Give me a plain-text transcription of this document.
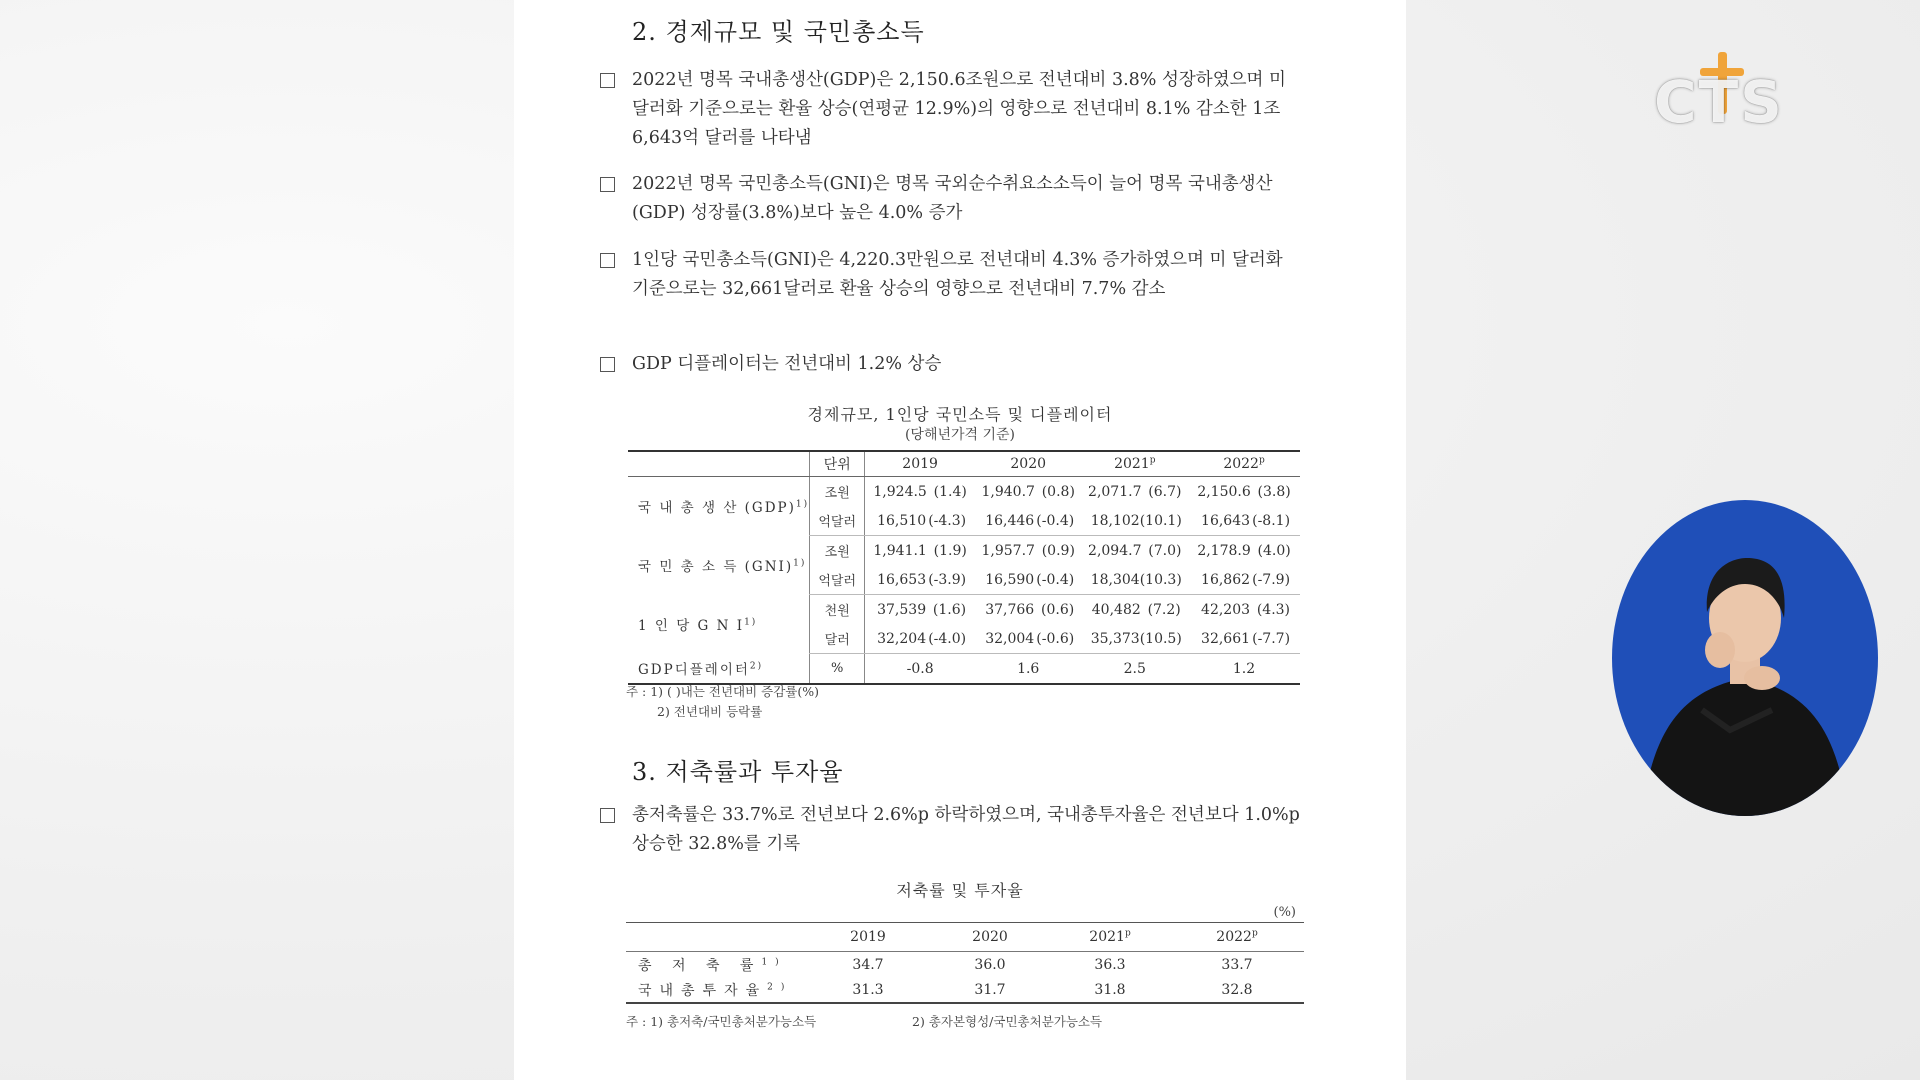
2. 경제규모 및 국민총소득
2022년 명목 국내총생산(GDP)은 2,150.6조원으로 전년대비 3.8% 성장하였으며 미 달러화 기준으로는 환율 상승(연평균 12.9%)의 영향으로 전년대비 8.1% 감소한 1조 6,643억 달러를 나타냄
2022년 명목 국민총소득(GNI)은 명목 국외순수취요소소득이 늘어 명목 국내총생산(GDP) 성장률(3.8%)보다 높은 4.0% 증가
1인당 국민총소득(GNI)은 4,220.3만원으로 전년대비 4.3% 증가하였으며 미 달러화 기준으로는 32,661달러로 환율 상승의 영향으로 전년대비 7.7% 감소
GDP 디플레이터는 전년대비 1.2% 상승
경제규모, 1인당 국민소득 및 디플레이터
(당해년가격 기준)
	단위	2019	2020	2021$^p$	2022$^p$
국 내 총 생 산 (GDP)$^{1)}$	조원	1,924.5 (1.4)	1,940.7 (0.8)	2,071.7 (6.7)	2,150.6 (3.8)
	억달러	16,510 (-4.3)	16,446 (-0.4)	18,102(10.1)	16,643 (-8.1)
국 민 총 소 득 (GNI)$^{1)}$	조원	1,941.1 (1.9)	1,957.7 (0.9)	2,094.7 (7.0)	2,178.9 (4.0)
	억달러	16,653 (-3.9)	16,590 (-0.4)	18,304(10.3)	16,862 (-7.9)
1 인 당 G N $I^{1)}$	천원	37,539 (1.6)	37,766 (0.6)	40,482 (7.2)	42,203 (4.3)
	달러	32,204 (-4.0)	32,004 (-0.6)	35,373(10.5)	32,661 (-7.7)
GDP디플레이터$^{2)}$	%	-0.8	1.6	2.5	1.2
주 : 1) ( )내는 전년대비 증감률(%)
2) 전년대비 등락률
3. 저축률과 투자율
총저축률은 33.7%로 전년보다 2.6%p 하락하였으며, 국내총투자율은 전년보다 1.0%p 상승한 32.8%를 기록
저축률 및 투자율
(%)
	2019	2020	2021$^p$	2022$^p$
총 저 축 률$^{1)}$	34.7	36.0	36.3	33.7
국내총투자율$^{2)}$	31.3	31.7	31.8	32.8
주 : 1) 총저축/국민총처분가능소득	2) 총자본형성/국민총처분가능소득
CTS
